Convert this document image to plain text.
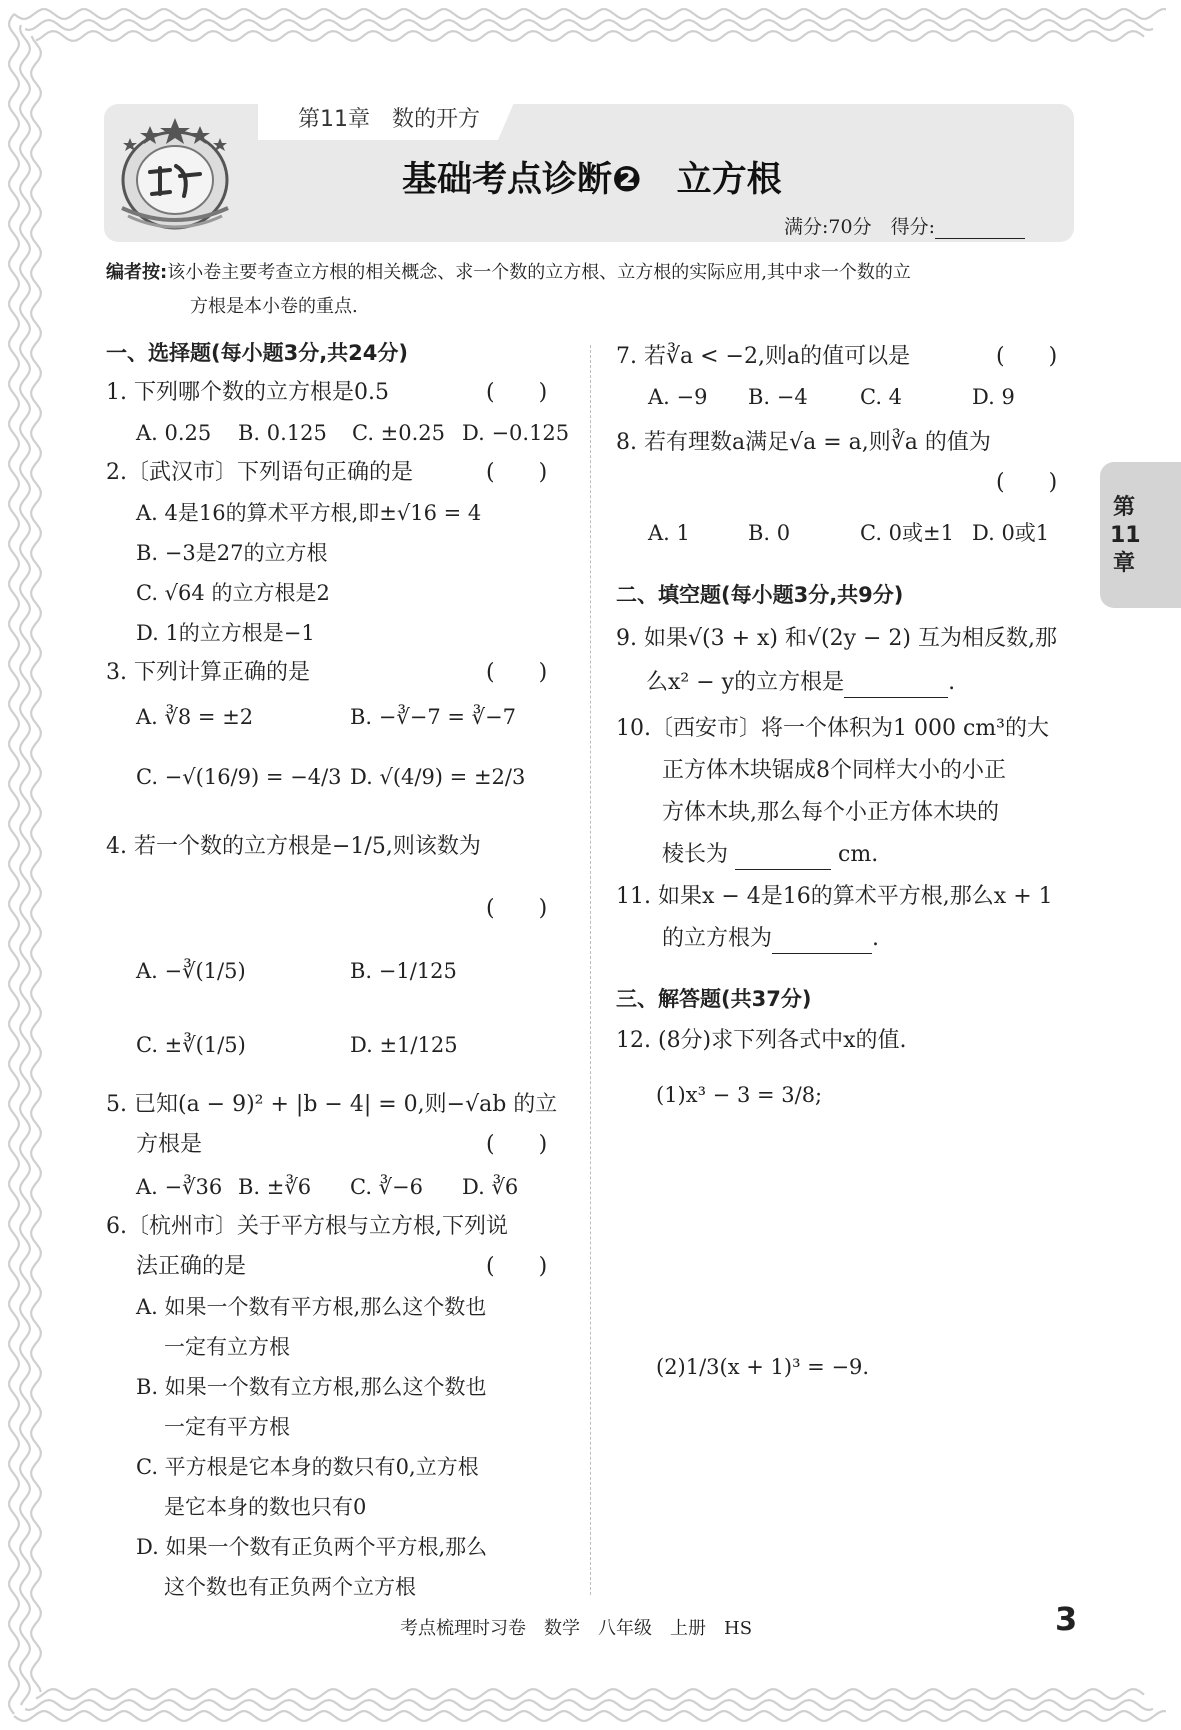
第11章　数的开方
基础考点诊断❷　立方根
满分:70分　 得分:
编者按:该小卷主要考查立方根的相关概念、求一个数的立方根、立方根的实际应用,其中求一个数的立
方根是本小卷的重点.
一、选择题(每小题3分,共24分)
1. 下列哪个数的立方根是0.5	(　　)
A. 0.25 B. 0.125 C. ±0.25 D. −0.125
2.〔武汉市〕下列语句正确的是	(　　)
A. 4是16的算术平方根,即±√16 = 4
B. −3是27的立方根
C. √64 的立方根是2
D. 1的立方根是−1
3. 下列计算正确的是	(　　)
A. ∛8 = ±2	B. −∛−7 = ∛−7
C. −√(16/9) = −4/3 D. √(4/9) = ±2/3
4. 若一个数的立方根是−1/5,则该数为
(　　)
A. −∛(1/5)	B. −1/125
C. ±∛(1/5)	D. ±1/125
5. 已知(a − 9)² + |b − 4| = 0,则−√ab 的立
方根是	(　　)
A. −∛36 B. ±∛6 C. ∛−6 D. ∛6
6.〔杭州市〕关于平方根与立方根,下列说
法正确的是	(　　)
A. 如果一个数有平方根,那么这个数也
一定有立方根
B. 如果一个数有立方根,那么这个数也
一定有平方根
C. 平方根是它本身的数只有0,立方根
是它本身的数也只有0
D. 如果一个数有正负两个平方根,那么
这个数也有正负两个立方根
7. 若∛a < −2,则a的值可以是	(　　)
A. −9 B. −4 C. 4	D. 9
8. 若有理数a满足√a = a,则∛a 的值为
(　　)
A. 1	B. 0	C. 0或±1 D. 0或1
二、填空题(每小题3分,共9分)
9. 如果√(3 + x) 和√(2y − 2) 互为相反数,那
么x² − y的立方根是	.
10.〔西安市〕将一个体积为1 000 cm³的大
正方体木块锯成8个同样大小的小正
方体木块,那么每个小正方体木块的
棱长为	cm.
11. 如果x − 4是16的算术平方根,那么x + 1
的立方根为	.
三、解答题(共37分)
12. (8分)求下列各式中x的值.
(1)x³ − 3 = 3/8;
(2)1/3(x + 1)³ = −9.
第
11
章
考点梳理时习卷　数学　八年级　上册　HS	3
